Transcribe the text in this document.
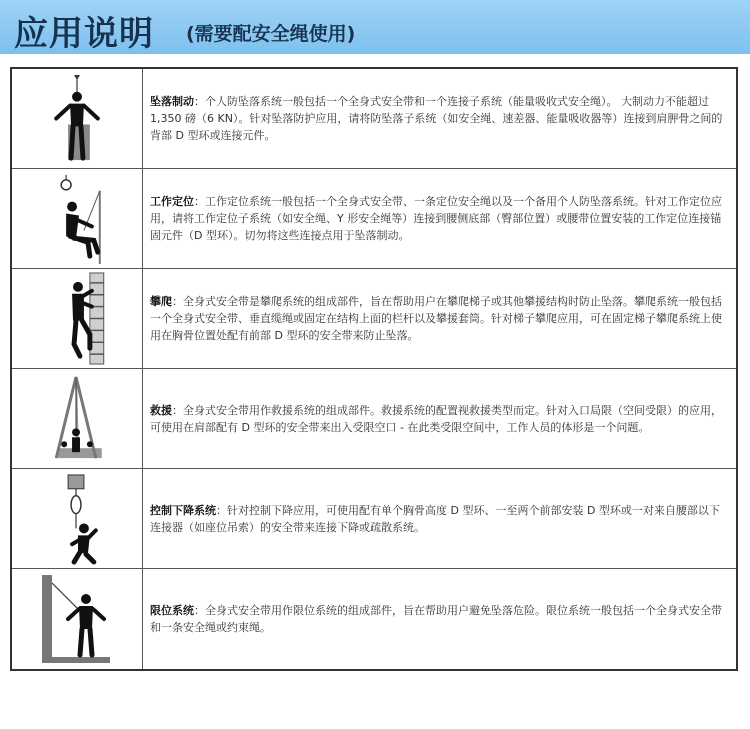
应用说明 (需要配安全绳使用)

坠落制动：个人防坠落系统一般包括一个全身式安全带和一个连接子系统（能量吸收式安全绳）。 大制动力不能超过 1,350 磅（6 KN）。针对坠落防护应用，请将防坠落子系统（如安全绳、速差器、能量吸收器等）连接到肩胛骨之间的背部 D 型环或连接元件。

工作定位：工作定位系统一般包括一个全身式安全带、一条定位安全绳以及一个备用个人防坠落系统。针对工作定位应用，请将工作定位子系统（如安全绳、Y 形安全绳等）连接到腰侧底部（臀部位置）或腰带位置安装的工作定位连接锚固元件（D 型环）。切勿将这些连接点用于坠落制动。

攀爬：全身式安全带是攀爬系统的组成部件，旨在帮助用户在攀爬梯子或其他攀援结构时防止坠落。攀爬系统一般包括一个全身式安全带、垂直缆绳或固定在结构上面的栏杆以及攀援套筒。针对梯子攀爬应用，可在固定梯子攀爬系统上使用在胸骨位置处配有前部 D 型环的安全带来防止坠落。

救援：全身式安全带用作救援系统的组成部件。救援系统的配置视救援类型而定。针对入口局限（空间受限）的应用，可使用在肩部配有 D 型环的安全带来出入受限空口 - 在此类受限空间中，工作人员的体形是一个问题。

控制下降系统：针对控制下降应用，可使用配有单个胸骨高度 D 型环、一至两个前部安装 D 型环或一对来自腰部以下连接器（如座位吊索）的安全带来连接下降或疏散系统。

限位系统：全身式安全带用作限位系统的组成部件，旨在帮助用户避免坠落危险。限位系统一般包括一个全身式安全带和一条安全绳或约束绳。
